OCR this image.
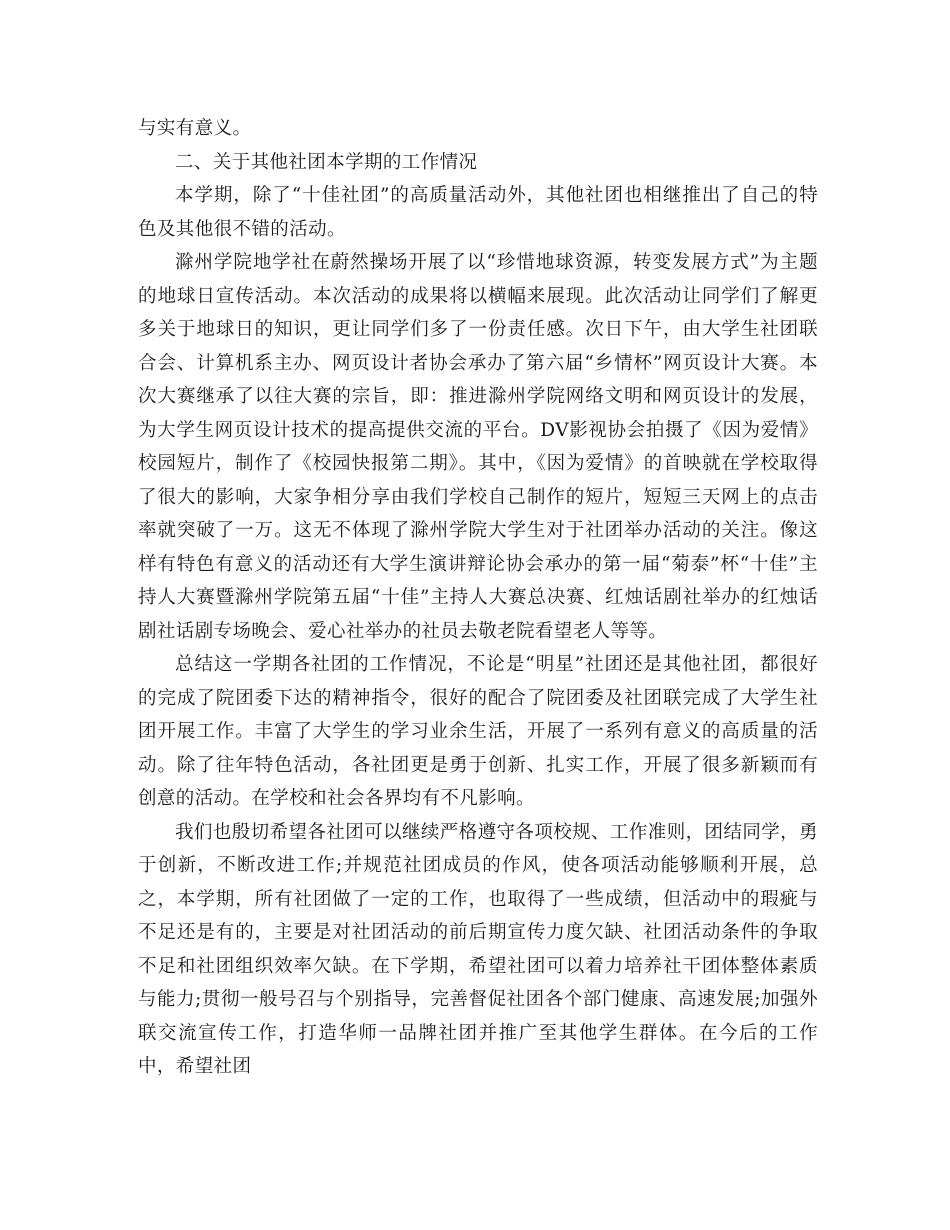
与实有意义。

二、关于其他社团本学期的工作情况

本学期，除了“十佳社团”的高质量活动外，其他社团也相继推出了自己的特色及其他很不错的活动。

滁州学院地学社在蔚然操场开展了以“珍惜地球资源，转变发展方式”为主题的地球日宣传活动。本次活动的成果将以横幅来展现。此次活动让同学们了解更多关于地球日的知识，更让同学们多了一份责任感。次日下午，由大学生社团联合会、计算机系主办、网页设计者协会承办了第六届“乡情杯”网页设计大赛。本次大赛继承了以往大赛的宗旨，即：推进滁州学院网络文明和网页设计的发展，为大学生网页设计技术的提高提供交流的平台。DV影视协会拍摄了《因为爱情》校园短片，制作了《校园快报第二期》。其中，《因为爱情》的首映就在学校取得了很大的影响，大家争相分享由我们学校自己制作的短片，短短三天网上的点击率就突破了一万。这无不体现了滁州学院大学生对于社团举办活动的关注。像这样有特色有意义的活动还有大学生演讲辩论协会承办的第一届“菊泰”杯“十佳”主持人大赛暨滁州学院第五届“十佳”主持人大赛总决赛、红烛话剧社举办的红烛话剧社话剧专场晚会、爱心社举办的社员去敬老院看望老人等等。

总结这一学期各社团的工作情况，不论是“明星”社团还是其他社团，都很好的完成了院团委下达的精神指令，很好的配合了院团委及社团联完成了大学生社团开展工作。丰富了大学生的学习业余生活，开展了一系列有意义的高质量的活动。除了往年特色活动，各社团更是勇于创新、扎实工作，开展了很多新颖而有创意的活动。在学校和社会各界均有不凡影响。

我们也殷切希望各社团可以继续严格遵守各项校规、工作准则，团结同学，勇于创新，不断改进工作;并规范社团成员的作风，使各项活动能够顺利开展，总之，本学期，所有社团做了一定的工作，也取得了一些成绩，但活动中的瑕疵与不足还是有的，主要是对社团活动的前后期宣传力度欠缺、社团活动条件的争取不足和社团组织效率欠缺。在下学期，希望社团可以着力培养社干团体整体素质与能力;贯彻一般号召与个别指导，完善督促社团各个部门健康、高速发展;加强外联交流宣传工作，打造华师一品牌社团并推广至其他学生群体。在今后的工作中，希望社团
